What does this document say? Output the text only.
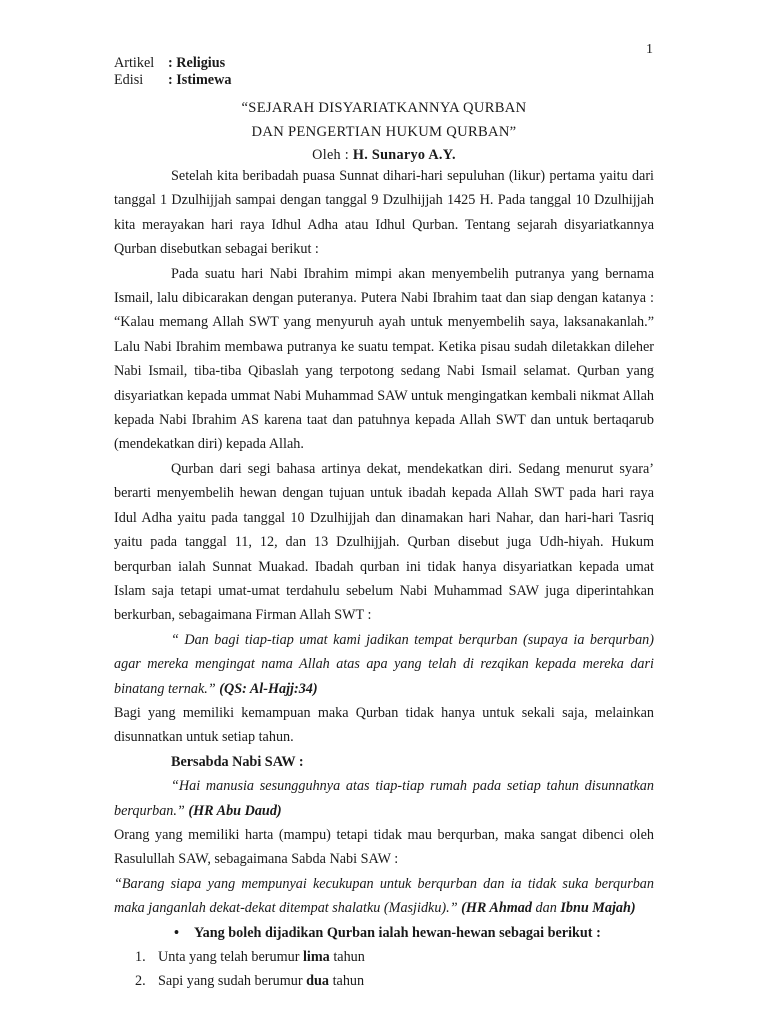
1
Artikel : Religius
Edisi	: Istimewa
“SEJARAH DISYARIATKANNYA QURBAN
DAN PENGERTIAN HUKUM QURBAN”
Oleh : H. Sunaryo A.Y.

Setelah kita beribadah puasa Sunnat dihari-hari sepuluhan (likur) pertama yaitu dari tanggal 1 Dzulhijjah sampai dengan tanggal 9 Dzulhijjah 1425 H. Pada tanggal 10 Dzulhijjah kita merayakan hari raya Idhul Adha atau Idhul Qurban. Tentang sejarah disyariatkannya Qurban disebutkan sebagai berikut :

Pada suatu hari Nabi Ibrahim mimpi akan menyembelih putranya yang bernama Ismail, lalu dibicarakan dengan puteranya. Putera Nabi Ibrahim taat dan siap dengan katanya : “Kalau memang Allah SWT yang menyuruh ayah untuk menyembelih saya, laksanakanlah.” Lalu Nabi Ibrahim membawa putranya ke suatu tempat. Ketika pisau sudah diletakkan dileher Nabi Ismail, tiba-tiba Qibaslah yang terpotong sedang Nabi Ismail selamat. Qurban yang disyariatkan kepada ummat Nabi Muhammad SAW untuk mengingatkan kembali nikmat Allah kepada Nabi Ibrahim AS karena taat dan patuhnya kepada Allah SWT dan untuk bertaqarub (mendekatkan diri) kepada Allah.

Qurban dari segi bahasa artinya dekat, mendekatkan diri. Sedang menurut syara’ berarti menyembelih hewan dengan tujuan untuk ibadah kepada Allah SWT pada hari raya Idul Adha yaitu pada tanggal 10 Dzulhijjah dan dinamakan hari Nahar, dan hari-hari Tasriq yaitu pada tanggal 11, 12, dan 13 Dzulhijjah. Qurban disebut juga Udh-hiyah. Hukum berqurban ialah Sunnat Muakad. Ibadah qurban ini tidak hanya disyariatkan kepada umat Islam saja tetapi umat-umat terdahulu sebelum Nabi Muhammad SAW juga diperintahkan berkurban, sebagaimana Firman Allah SWT :

“ Dan bagi tiap-tiap umat kami jadikan tempat berqurban (supaya ia berqurban) agar mereka mengingat nama Allah atas apa yang telah di rezqikan kepada mereka dari binatang ternak.” (QS: Al-Hajj:34)

Bagi yang memiliki kemampuan maka Qurban tidak hanya untuk sekali saja, melainkan disunnatkan untuk setiap tahun.

Bersabda Nabi SAW :

“Hai manusia sesungguhnya atas tiap-tiap rumah pada setiap tahun disunnatkan berqurban.” (HR Abu Daud)

Orang yang memiliki harta (mampu) tetapi tidak mau berqurban, maka sangat dibenci oleh Rasulullah SAW, sebagaimana Sabda Nabi SAW :

“Barang siapa yang mempunyai kecukupan untuk berqurban dan ia tidak suka berqurban maka janganlah dekat-dekat ditempat shalatku (Masjidku).” (HR Ahmad dan Ibnu Majah)

• Yang boleh dijadikan Qurban ialah hewan-hewan sebagai berikut :
1. Unta yang telah berumur lima tahun
2. Sapi yang sudah berumur dua tahun
